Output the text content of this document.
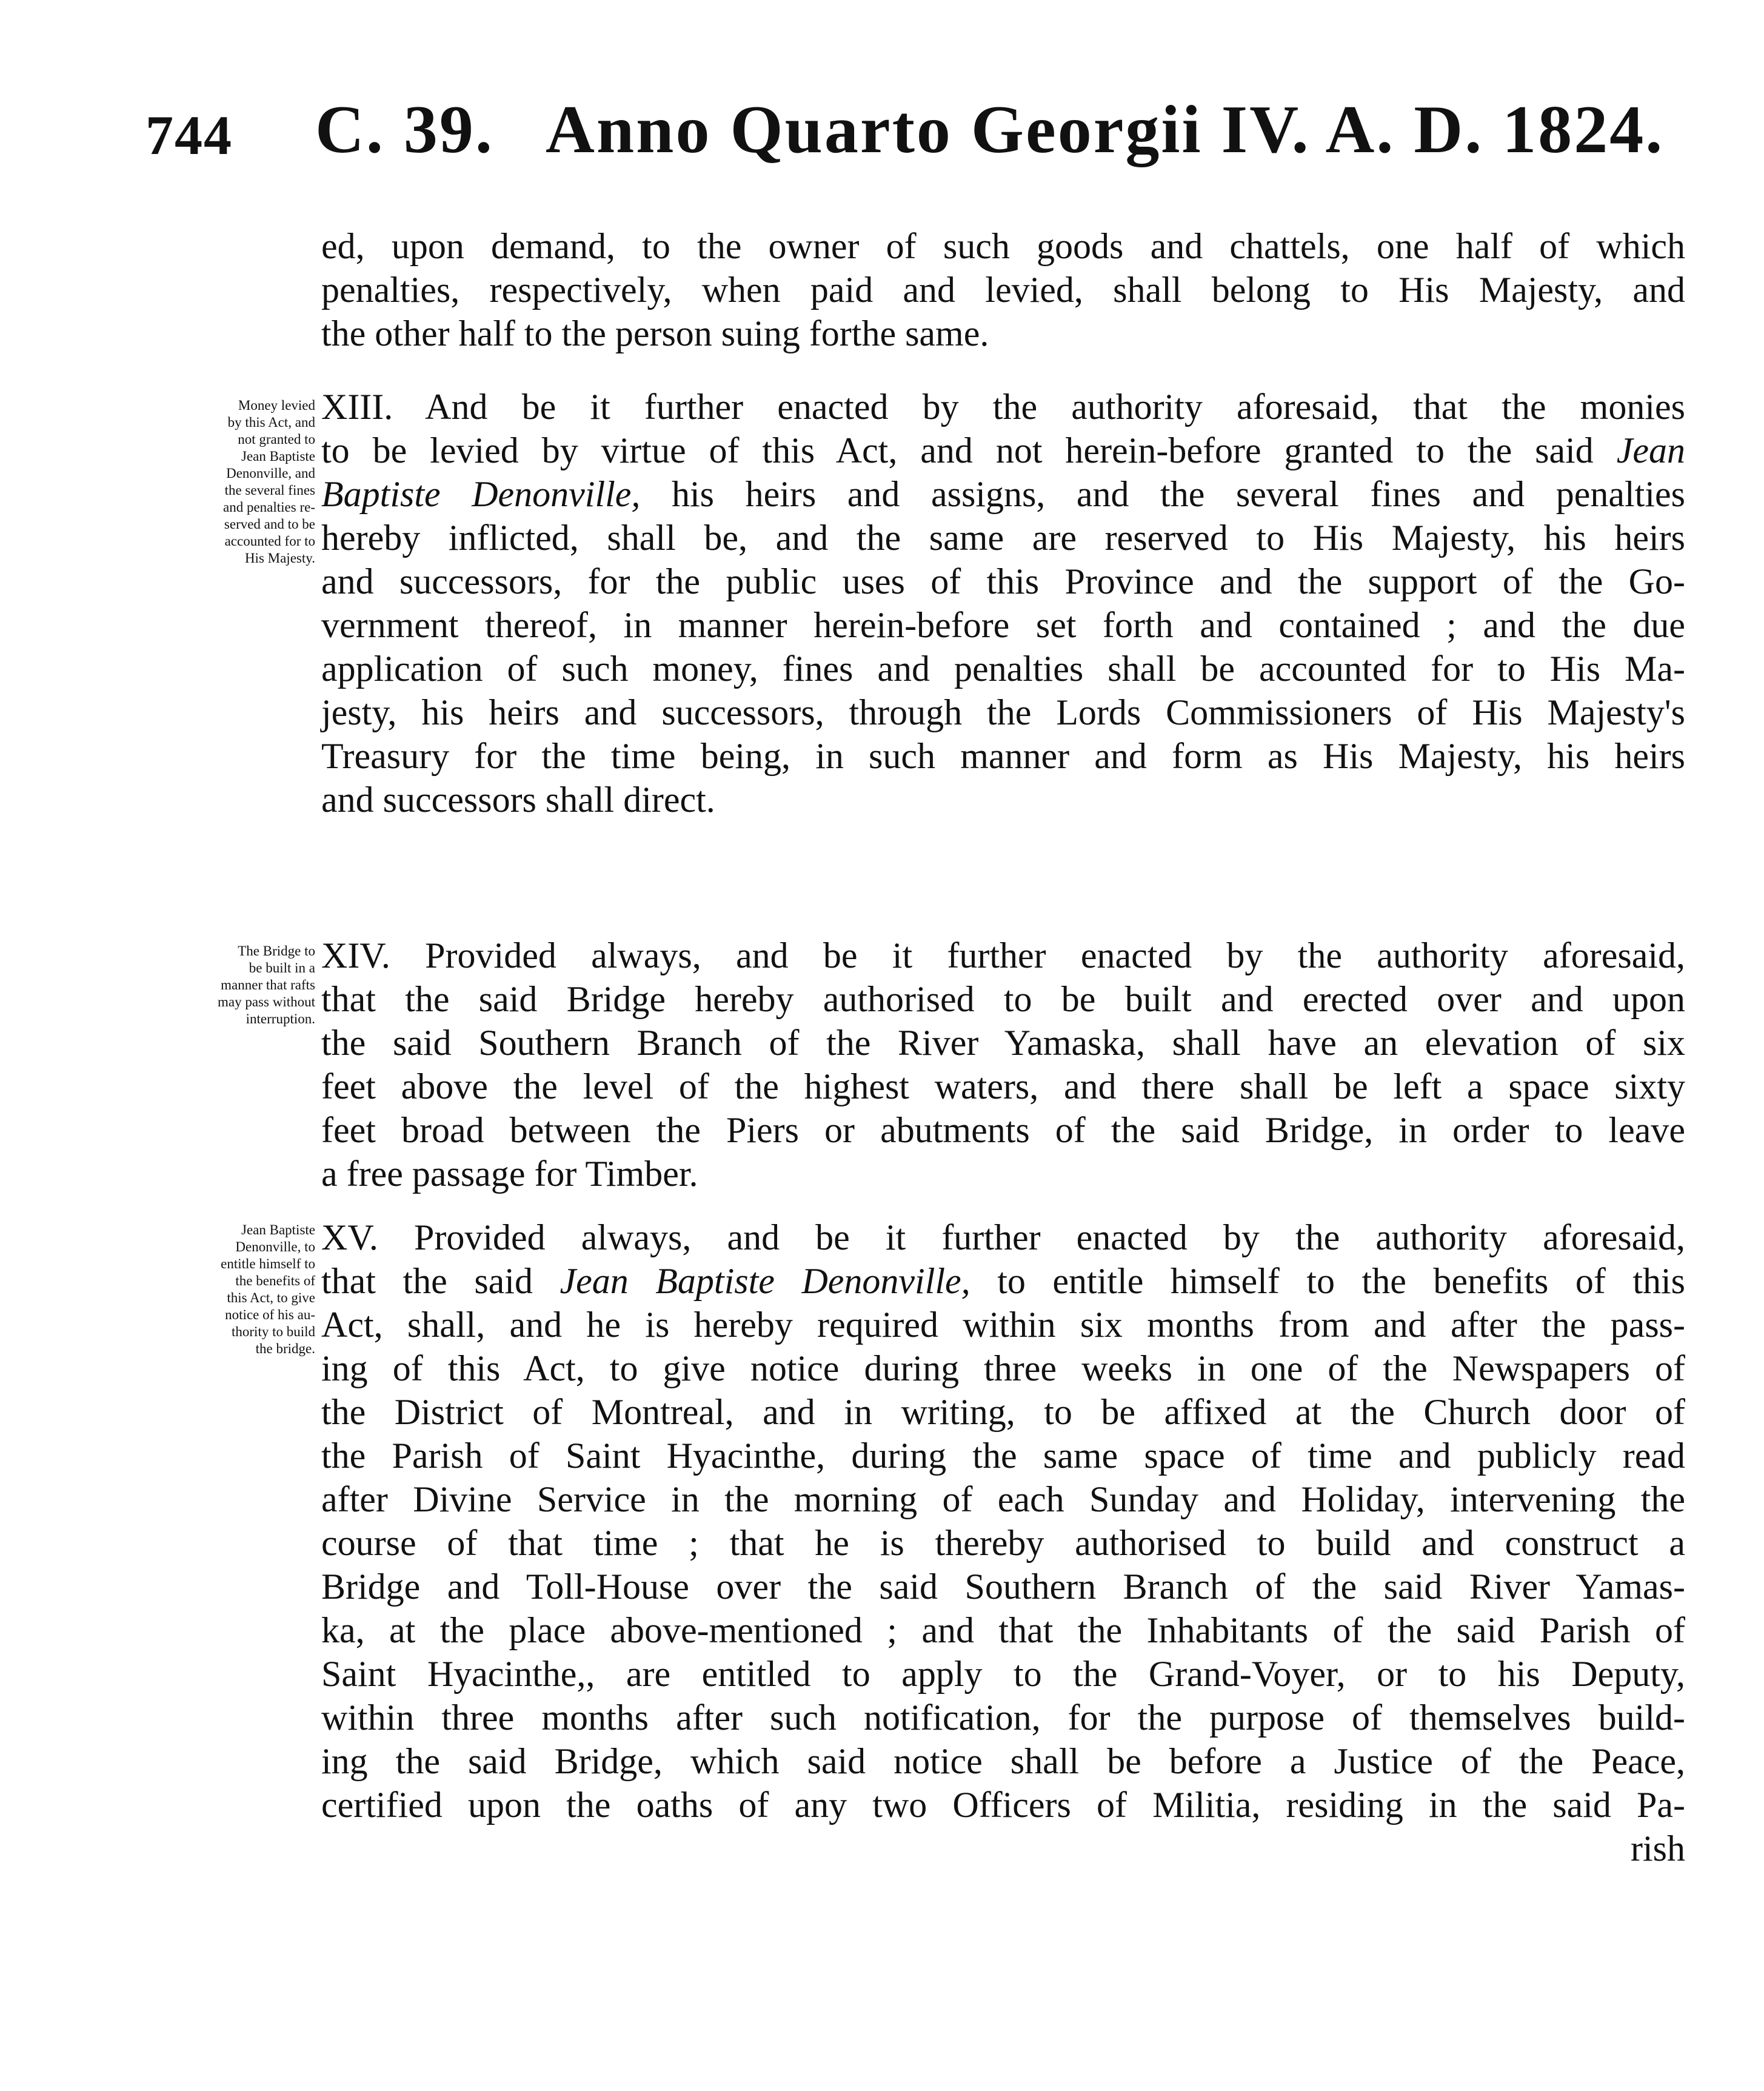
744 C. 39. Anno Quarto Georgii IV. A. D. 1824.
ed, upon demand, to the owner of such goods and chattels, one half of which
penalties, respectively, when paid and levied, shall belong to His Majesty, and
the other half to the person suing forthe same.
Money levied
by this Act, and
not granted to
Jean Baptiste
Denonville, and
the several fines
and penalties re-
served and to be
accounted for to
His Majesty.
XIII. And be it further enacted by the authority aforesaid, that the monies
to be levied by virtue of this Act, and not herein-before granted to the said Jean
Baptiste Denonville, his heirs and assigns, and the several fines and penalties
hereby inflicted, shall be, and the same are reserved to His Majesty, his heirs
and successors, for the public uses of this Province and the support of the Go-
vernment thereof, in manner herein-before set forth and contained ; and the due
application of such money, fines and penalties shall be accounted for to His Ma-
jesty, his heirs and successors, through the Lords Commissioners of His Majesty's
Treasury for the time being, in such manner and form as His Majesty, his heirs
and successors shall direct.
The Bridge to
be built in a
manner that rafts
may pass without
interruption.
XIV. Provided always, and be it further enacted by the authority aforesaid,
that the said Bridge hereby authorised to be built and erected over and upon
the said Southern Branch of the River Yamaska, shall have an elevation of six
feet above the level of the highest waters, and there shall be left a space sixty
feet broad between the Piers or abutments of the said Bridge, in order to leave
a free passage for Timber.
Jean Baptiste
Denonville, to
entitle himself to
the benefits of
this Act, to give
notice of his au-
thority to build
the bridge.
XV. Provided always, and be it further enacted by the authority aforesaid,
that the said Jean Baptiste Denonville, to entitle himself to the benefits of this
Act, shall, and he is hereby required within six months from and after the pass-
ing of this Act, to give notice during three weeks in one of the Newspapers of
the District of Montreal, and in writing, to be affixed at the Church door of
the Parish of Saint Hyacinthe, during the same space of time and publicly read
after Divine Service in the morning of each Sunday and Holiday, intervening the
course of that time ; that he is thereby authorised to build and construct a
Bridge and Toll-House over the said Southern Branch of the said River Yamas-
ka, at the place above-mentioned ; and that the Inhabitants of the said Parish of
Saint Hyacinthe,, are entitled to apply to the Grand-Voyer, or to his Deputy,
within three months after such notification, for the purpose of themselves build-
ing the said Bridge, which said notice shall be before a Justice of the Peace,
certified upon the oaths of any two Officers of Militia, residing in the said Pa-
rish
